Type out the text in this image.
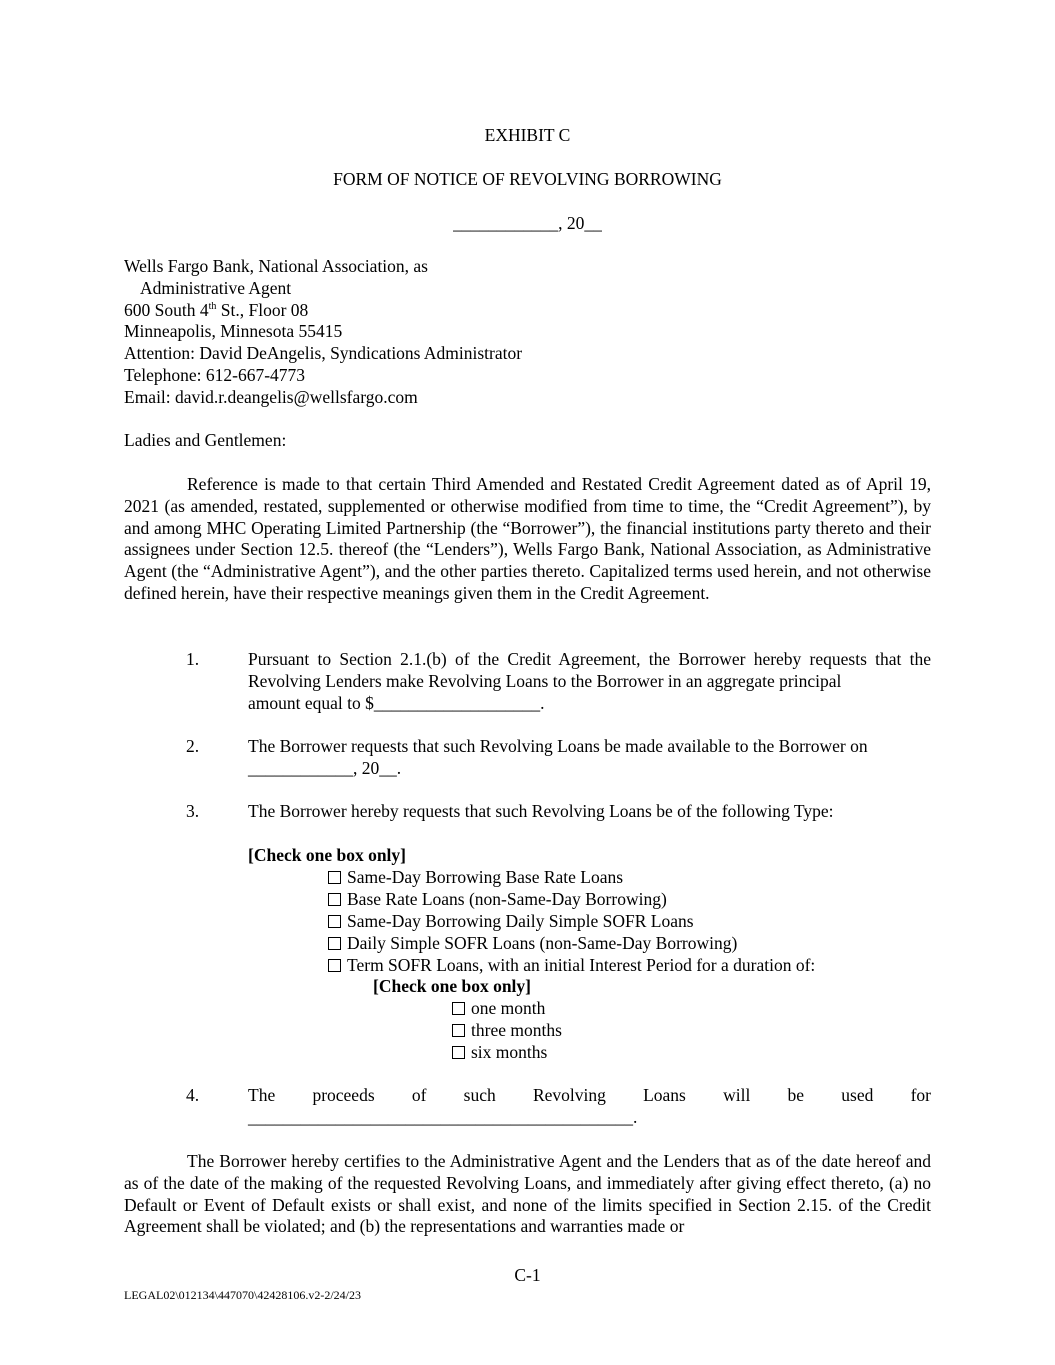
EXHIBIT C
FORM OF NOTICE OF REVOLVING BORROWING
____________, 20__
Wells Fargo Bank, National Association, as
Administrative Agent
600 South 4th St., Floor 08
Minneapolis, Minnesota 55415
Attention: David DeAngelis, Syndications Administrator
Telephone: 612-667-4773
Email: david.r.deangelis@wellsfargo.com
Ladies and Gentlemen:
Reference is made to that certain Third Amended and Restated Credit Agreement dated as of April 19, 2021 (as amended, restated, supplemented or otherwise modified from time to time, the “Credit Agreement”), by and among MHC Operating Limited Partnership (the “Borrower”), the financial institutions party thereto and their assignees under Section 12.5. thereof (the “Lenders”), Wells Fargo Bank, National Association, as Administrative Agent (the “Administrative Agent”), and the other parties thereto. Capitalized terms used herein, and not otherwise defined herein, have their respective meanings given them in the Credit Agreement.
1.	Pursuant to Section 2.1.(b) of the Credit Agreement, the Borrower hereby requests that the Revolving Lenders make Revolving Loans to the Borrower in an aggregate principal
amount equal to $___________________.
2.	The Borrower requests that such Revolving Loans be made available to the Borrower on
____________, 20__.
3.	The Borrower hereby requests that such Revolving Loans be of the following Type:
[Check one box only]
Same-Day Borrowing Base Rate Loans
Base Rate Loans (non-Same-Day Borrowing)
Same-Day Borrowing Daily Simple SOFR Loans
Daily Simple SOFR Loans (non-Same-Day Borrowing)
Term SOFR Loans, with an initial Interest Period for a duration of:
[Check one box only]
one month
three months
six months
4.	The proceeds of such Revolving Loans will be used for
____________________________________________.
The Borrower hereby certifies to the Administrative Agent and the Lenders that as of the date hereof and as of the date of the making of the requested Revolving Loans, and immediately after giving effect thereto, (a) no Default or Event of Default exists or shall exist, and none of the limits specified in Section 2.15. of the Credit Agreement shall be violated; and (b) the representations and warranties made or
C-1
LEGAL02\012134\447070\42428106.v2-2/24/23
